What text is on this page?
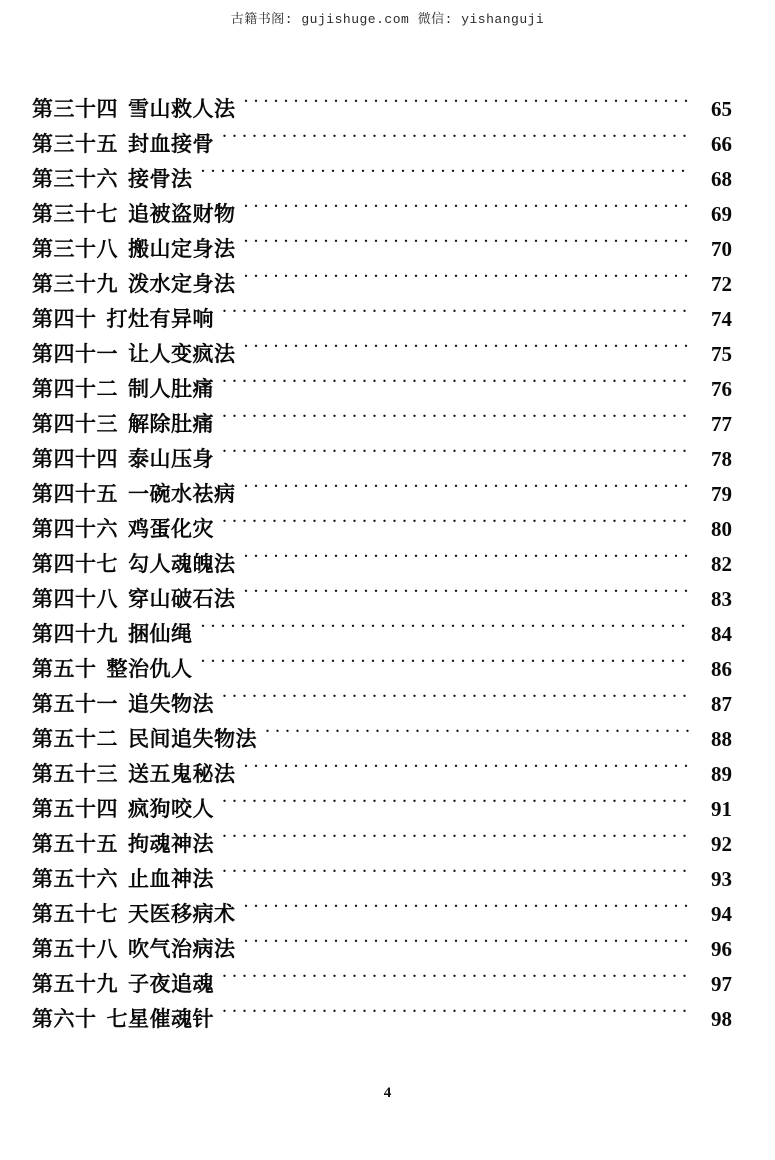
古籍书阁: gujishuge.com 微信: yishanguji
第三十四 雪山救人法 . . .	65
第三十五 封血接骨 . . .	66
第三十六 接骨法 . . .	68
第三十七 追被盗财物 . . .	69
第三十八 搬山定身法 . . .	70
第三十九 泼水定身法 . . .	72
第四十 打灶有异响 . . .	74
第四十一 让人变疯法 . . .	75
第四十二 制人肚痛 . . .	76
第四十三 解除肚痛 . . .	77
第四十四 泰山压身 . . .	78
第四十五 一碗水祛病 . . .	79
第四十六 鸡蛋化灾 . . .	80
第四十七 勾人魂魄法 . . .	82
第四十八 穿山破石法 . . .	83
第四十九 捆仙绳 . . .	84
第五十 整治仇人 . . .	86
第五十一 追失物法 . . .	87
第五十二 民间追失物法 . . .	88
第五十三 送五鬼秘法 . . .	89
第五十四 疯狗咬人 . . .	91
第五十五 拘魂神法 . . .	92
第五十六 止血神法 . . .	93
第五十七 天医移病术 . . .	94
第五十八 吹气治病法 . . .	96
第五十九 子夜追魂 . . .	97
第六十 七星催魂针 . . .	98
4
